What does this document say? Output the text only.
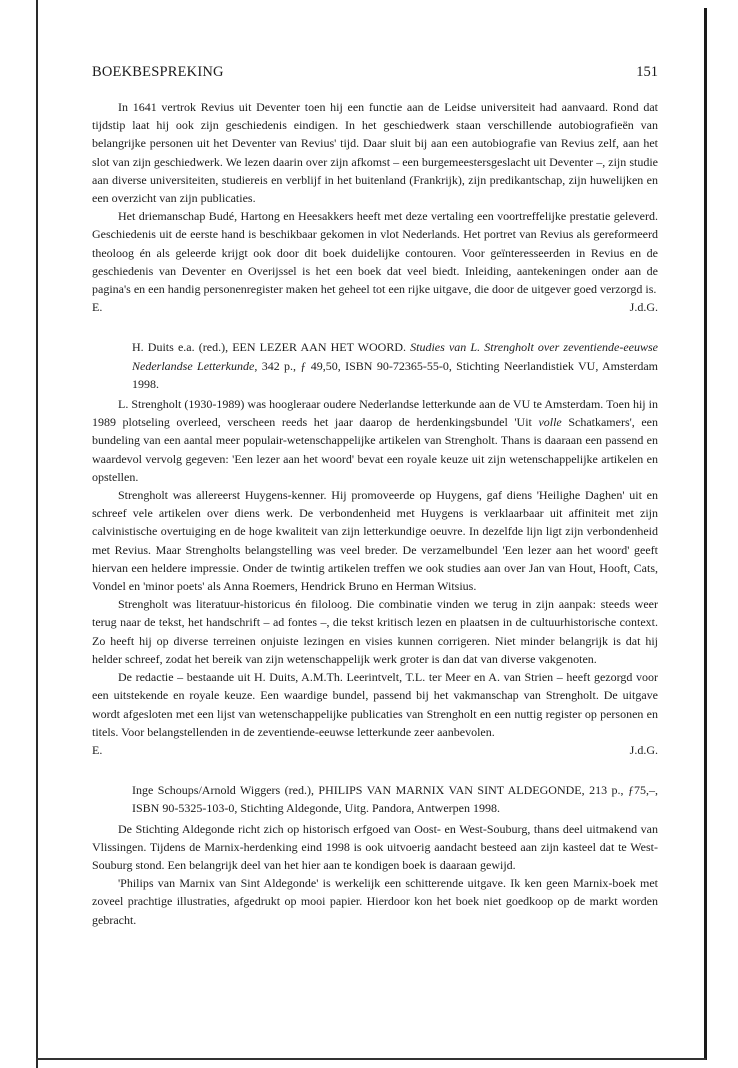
BOEKBESPREKING	151

In 1641 vertrok Revius uit Deventer toen hij een functie aan de Leidse universiteit had aanvaard. Rond dat tijdstip laat hij ook zijn geschiedenis eindigen. In het geschiedwerk staan verschillende autobiografieën van belangrijke personen uit het Deventer van Revius' tijd. Daar sluit bij aan een autobiografie van Revius zelf, aan het slot van zijn geschiedwerk. We lezen daarin over zijn afkomst – een burgemeestersgeslacht uit Deventer –, zijn studie aan diverse universiteiten, studiereis en verblijf in het buitenland (Frankrijk), zijn predikantschap, zijn huwelijken en een overzicht van zijn publicaties.

Het driemanschap Budé, Hartong en Heesakkers heeft met deze vertaling een voortreffelijke prestatie geleverd. Geschiedenis uit de eerste hand is beschikbaar gekomen in vlot Nederlands. Het portret van Revius als gereformeerd theoloog én als geleerde krijgt ook door dit boek duidelijke contouren. Voor geïnteresseerden in Revius en de geschiedenis van Deventer en Overijssel is het een boek dat veel biedt. Inleiding, aantekeningen onder aan de pagina's en een handig personenregister maken het geheel tot een rijke uitgave, die door de uitgever goed verzorgd is.

E.	J.d.G.

H. Duits e.a. (red.), EEN LEZER AAN HET WOORD. Studies van L. Strengholt over zeventiende-eeuwse Nederlandse Letterkunde, 342 p., ƒ 49,50, ISBN 90-72365-55-0, Stichting Neerlandistiek VU, Amsterdam 1998.

L. Strengholt (1930-1989) was hoogleraar oudere Nederlandse letterkunde aan de VU te Amsterdam. Toen hij in 1989 plotseling overleed, verscheen reeds het jaar daarop de herdenkingsbundel 'Uit volle Schatkamers', een bundeling van een aantal meer populair-wetenschappelijke artikelen van Strengholt. Thans is daaraan een passend en waardevol vervolg gegeven: 'Een lezer aan het woord' bevat een royale keuze uit zijn wetenschappelijke artikelen en opstellen.

Strengholt was allereerst Huygens-kenner. Hij promoveerde op Huygens, gaf diens 'Heilighe Daghen' uit en schreef vele artikelen over diens werk. De verbondenheid met Huygens is verklaarbaar uit affiniteit met zijn calvinistische overtuiging en de hoge kwaliteit van zijn letterkundige oeuvre. In dezelfde lijn ligt zijn verbondenheid met Revius. Maar Strengholts belangstelling was veel breder. De verzamelbundel 'Een lezer aan het woord' geeft hiervan een heldere impressie. Onder de twintig artikelen treffen we ook studies aan over Jan van Hout, Hooft, Cats, Vondel en 'minor poets' als Anna Roemers, Hendrick Bruno en Herman Witsius.

Strengholt was literatuur-historicus én filoloog. Die combinatie vinden we terug in zijn aanpak: steeds weer terug naar de tekst, het handschrift – ad fontes –, die tekst kritisch lezen en plaatsen in de cultuurhistorische context. Zo heeft hij op diverse terreinen onjuiste lezingen en visies kunnen corrigeren. Niet minder belangrijk is dat hij helder schreef, zodat het bereik van zijn wetenschappelijk werk groter is dan dat van diverse vakgenoten.

De redactie – bestaande uit H. Duits, A.M.Th. Leerintvelt, T.L. ter Meer en A. van Strien – heeft gezorgd voor een uitstekende en royale keuze. Een waardige bundel, passend bij het vakmanschap van Strengholt. De uitgave wordt afgesloten met een lijst van wetenschappelijke publicaties van Strengholt en een nuttig register op personen en titels. Voor belangstellenden in de zeventiende-eeuwse letterkunde zeer aanbevolen.

E.	J.d.G.

Inge Schoups/Arnold Wiggers (red.), PHILIPS VAN MARNIX VAN SINT ALDEGONDE, 213 p., ƒ75,–, ISBN 90-5325-103-0, Stichting Aldegonde, Uitg. Pandora, Antwerpen 1998.

De Stichting Aldegonde richt zich op historisch erfgoed van Oost- en West-Souburg, thans deel uitmakend van Vlissingen. Tijdens de Marnix-herdenking eind 1998 is ook uitvoerig aandacht besteed aan zijn kasteel dat te West-Souburg stond. Een belangrijk deel van het hier aan te kondigen boek is daaraan gewijd.

'Philips van Marnix van Sint Aldegonde' is werkelijk een schitterende uitgave. Ik ken geen Marnix-boek met zoveel prachtige illustraties, afgedrukt op mooi papier. Hierdoor kon het boek niet goedkoop op de markt worden gebracht.
